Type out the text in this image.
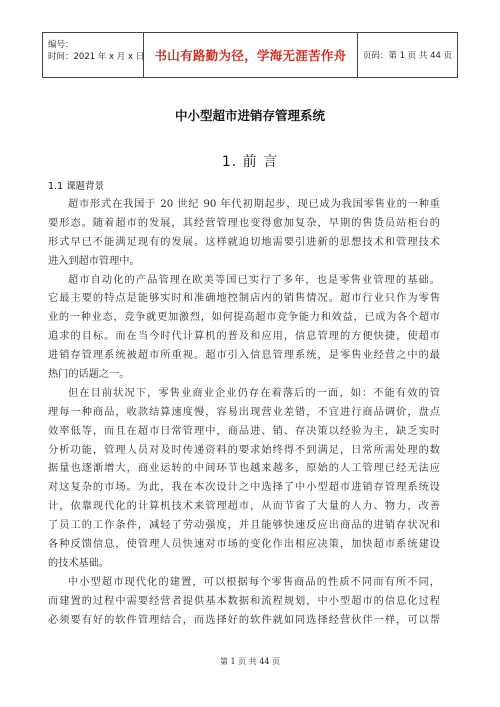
编号：
时间：2021 年 x 月 x 日 书山有路勤为径，学海无涯苦作舟 页码：第 1 页 共 44 页
中小型超市进销存管理系统
1. 前 言
1.1 课题背景
超市形式在我国于 20 世纪 90 年代初期起步，现已成为我国零售业的一种重
要形态。随着超市的发展，其经营管理也变得愈加复杂，早期的售货员站柜台的
形式早已不能满足现有的发展。这样就迫切地需要引进新的思想技术和管理技术
进入到超市管理中。
超市自动化的产品管理在欧美等国已实行了多年，也是零售业管理的基础。
它最主要的特点是能够实时和准确地控制店内的销售情况。超市行业只作为零售
业的一种业态，竞争就更加激烈，如何提高超市竞争能力和效益，已成为各个超市
追求的目标。而在当今时代计算机的普及和应用，信息管理的方便快捷，使超市
进销存管理系统被超市所重视。超市引入信息管理系统，是零售业经营之中的最
热门的话题之一。
但在目前状况下，零售业商业企业仍存在着落后的一面，如：不能有效的管
理每一种商品，收款结算速度慢，容易出现营业差错，不宜进行商品调价，盘点
效率低等，而且在超市日常管理中，商品进、销、存决策以经验为主，缺乏实时
分析功能，管理人员对及时传递资料的要求始终得不到满足，日常所需处理的数
据量也逐渐增大，商业运转的中间环节也越来越多，原始的人工管理已经无法应
对这复杂的市场。为此，我在本次设计之中选择了中小型超市进销存管理系统设
计，依靠现代化的计算机技术来管理超市，从而节省了大量的人力、物力，改善
了员工的工作条件，减轻了劳动强度，并且能够快速反应出商品的进销存状况和
各种反馈信息，使管理人员快速对市场的变化作出相应决策，加快超市系统建设
的技术基础。
中小型超市现代化的建置，可以根据每个零售商品的性质不同而有所不同，
而建置的过程中需要经营者提供基本数据和流程规划，中小型超市的信息化过程
必须要有好的软件管理结合，而选择好的软件就如同选择经营伙伴一样，可以帮
第 1 页 共 44 页
